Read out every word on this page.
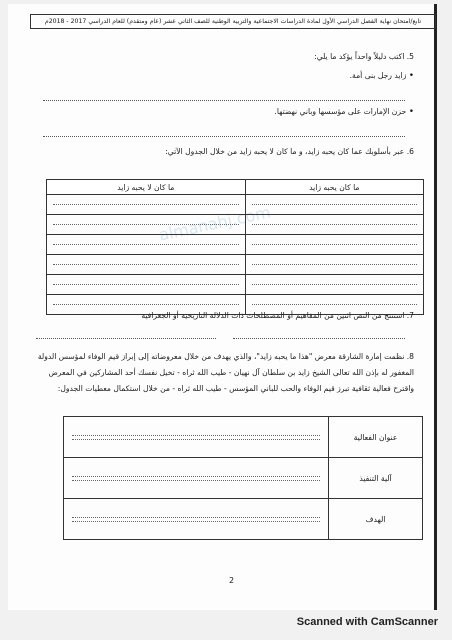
تابع/امتحان نهاية الفصل الدراسي الأول لمادة الدراسات الاجتماعية والتربية الوطنية للصف الثاني عشر (عام ومتقدم) للعام الدراسي 2017 - 2018م
almanahj.com
5. اكتب دليلاً واحداً يؤكد ما يلي:
• زايد رجل بنى أمة.
• حزن الإمارات على مؤسسها وباني نهضتها.
6. عبر بأسلوبك عما كان يحبه زايد، و ما كان لا يحبه زايد من خلال الجدول الآتي:
ما كان لا يحبه زايد	ما كان يحبه زايد

7. استنتج من النص اثنين من المفاهيم أو المصطلحات ذات الدلالة التاريخية أو الجغرافية
8. نظمت إمارة الشارقة معرض "هذا ما يحبه زايد"، والذي يهدف من خلال معروضاته إلى إبراز قيم الوفاء لمؤسس الدولة
المغفور له بإذن الله تعالى الشيخ زايد بن سلطان آل نهيان - طيب الله ثراه - تخيل نفسك أحد المشاركين في المعرض
واقترح فعالية ثقافية تبرز قيم الوفاء والحب للباني المؤسس - طيب الله ثراه - من خلال استكمال معطيات الجدول:
	عنوان الفعالية

	آلية التنفيذ

	الهدف
2
Scanned with CamScanner
